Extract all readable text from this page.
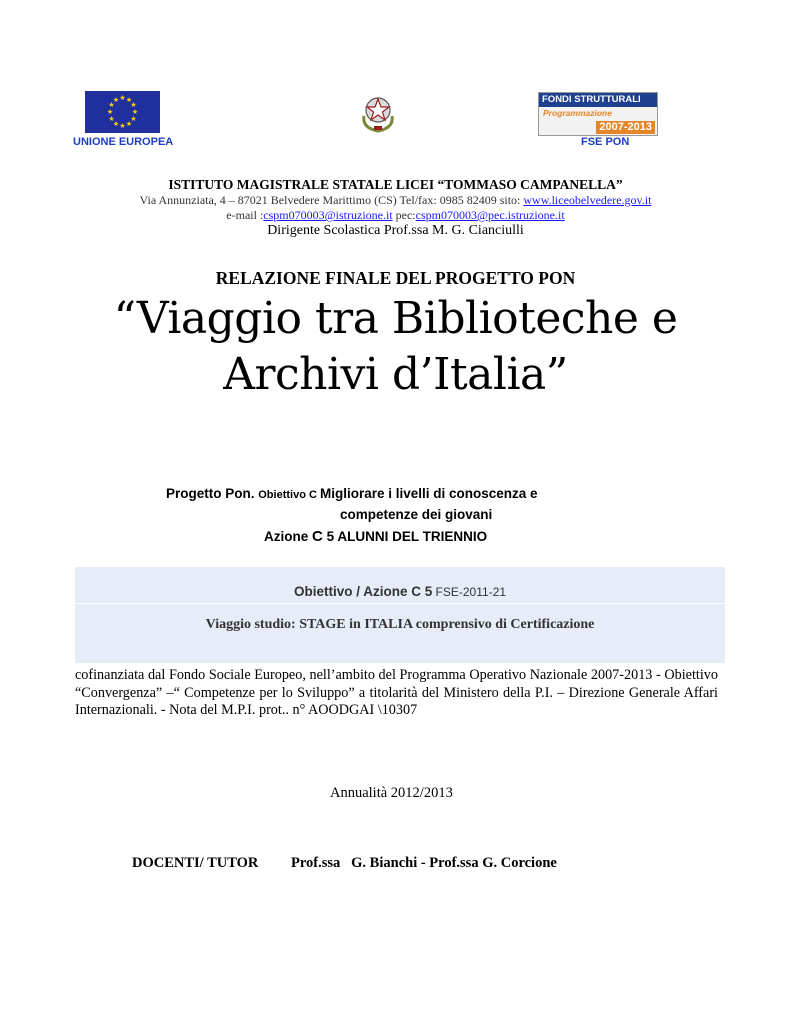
★ ★
★
★
★
★
★
★
★
★
★
★
UNIONE EUROPEA
FONDI STRUTTURALI
Programmazione
2007-2013
FSE PON
ISTITUTO MAGISTRALE STATALE LICEI “TOMMASO CAMPANELLA”
Via Annunziata, 4 – 87021 Belvedere Marittimo (CS) Tel/fax: 0985 82409 sito: www.liceobelvedere.gov.it
e-mail :cspm070003@istruzione.it pec:cspm070003@pec.istruzione.it
Dirigente Scolastica Prof.ssa M. G. Cianciulli
RELAZIONE FINALE DEL PROGETTO PON
“Viaggio tra Biblioteche e
Archivi d’Italia”
Progetto Pon. Obiettivo C Migliorare i livelli di conoscenza e
competenze dei giovani
Azione C 5 ALUNNI DEL TRIENNIO
Obiettivo / Azione C 5 FSE-2011-21
Viaggio studio: STAGE in ITALIA comprensivo di Certificazione
cofinanziata dal Fondo Sociale Europeo, nell’ambito del Programma Operativo Nazionale 2007-2013 - Obiettivo “Convergenza” –“ Competenze per lo Sviluppo” a titolarità del Ministero della P.I. – Direzione Generale Affari Internazionali. - Nota del M.P.I. prot.. n° AOODGAI \10307
Annualità 2012/2013
DOCENTI/ TUTOR Prof.ssa   G. Bianchi - Prof.ssa G. Corcione
